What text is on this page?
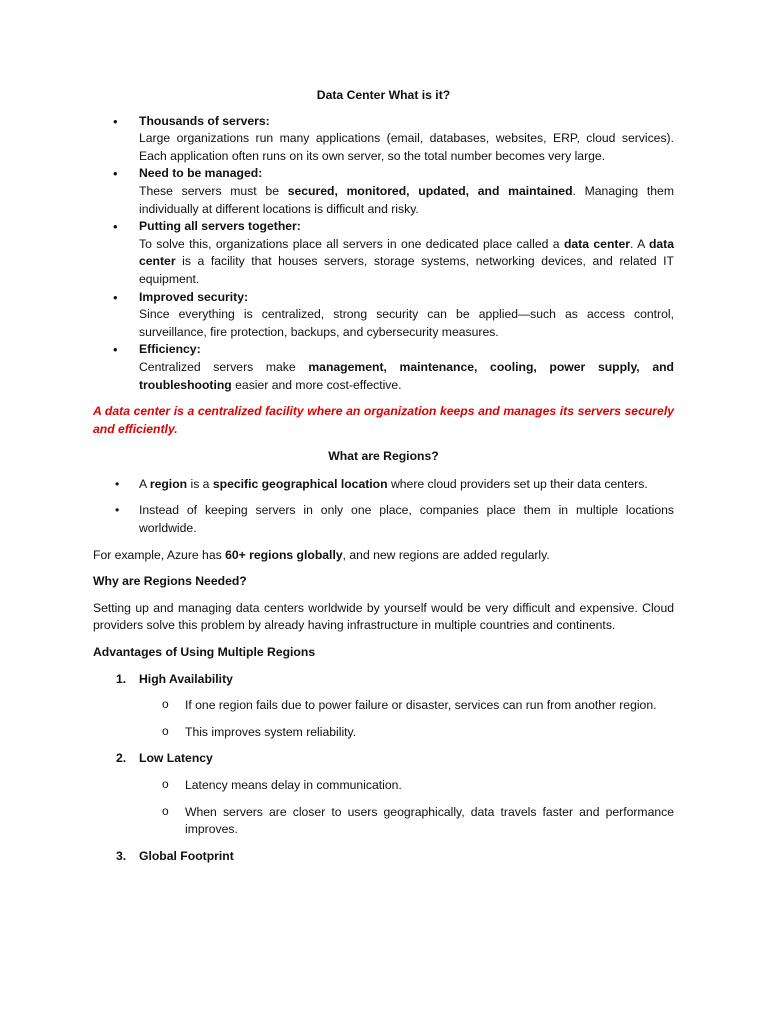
Data Center What is it?
• Thousands of servers:
Large organizations run many applications (email, databases, websites, ERP, cloud services). Each application often runs on its own server, so the total number becomes very large.
• Need to be managed:
These servers must be secured, monitored, updated, and maintained. Managing them individually at different locations is difficult and risky.
• Putting all servers together:
To solve this, organizations place all servers in one dedicated place called a data center. A data center is a facility that houses servers, storage systems, networking devices, and related IT equipment.
• Improved security:
Since everything is centralized, strong security can be applied—such as access control, surveillance, fire protection, backups, and cybersecurity measures.
• Efficiency:
Centralized servers make management, maintenance, cooling, power supply, and troubleshooting easier and more cost-effective.
A data center is a centralized facility where an organization keeps and manages its servers securely and efficiently.
What are Regions?
• A region is a specific geographical location where cloud providers set up their data centers.
• Instead of keeping servers in only one place, companies place them in multiple locations worldwide.

For example, Azure has 60+ regions globally, and new regions are added regularly.

Why are Regions Needed?

Setting up and managing data centers worldwide by yourself would be very difficult and expensive. Cloud providers solve this problem by already having infrastructure in multiple countries and continents.

Advantages of Using Multiple Regions
1. High Availability
o If one region fails due to power failure or disaster, services can run from another region.
o This improves system reliability.
2. Low Latency
o Latency means delay in communication.
o When servers are closer to users geographically, data travels faster and performance improves.
3. Global Footprint
